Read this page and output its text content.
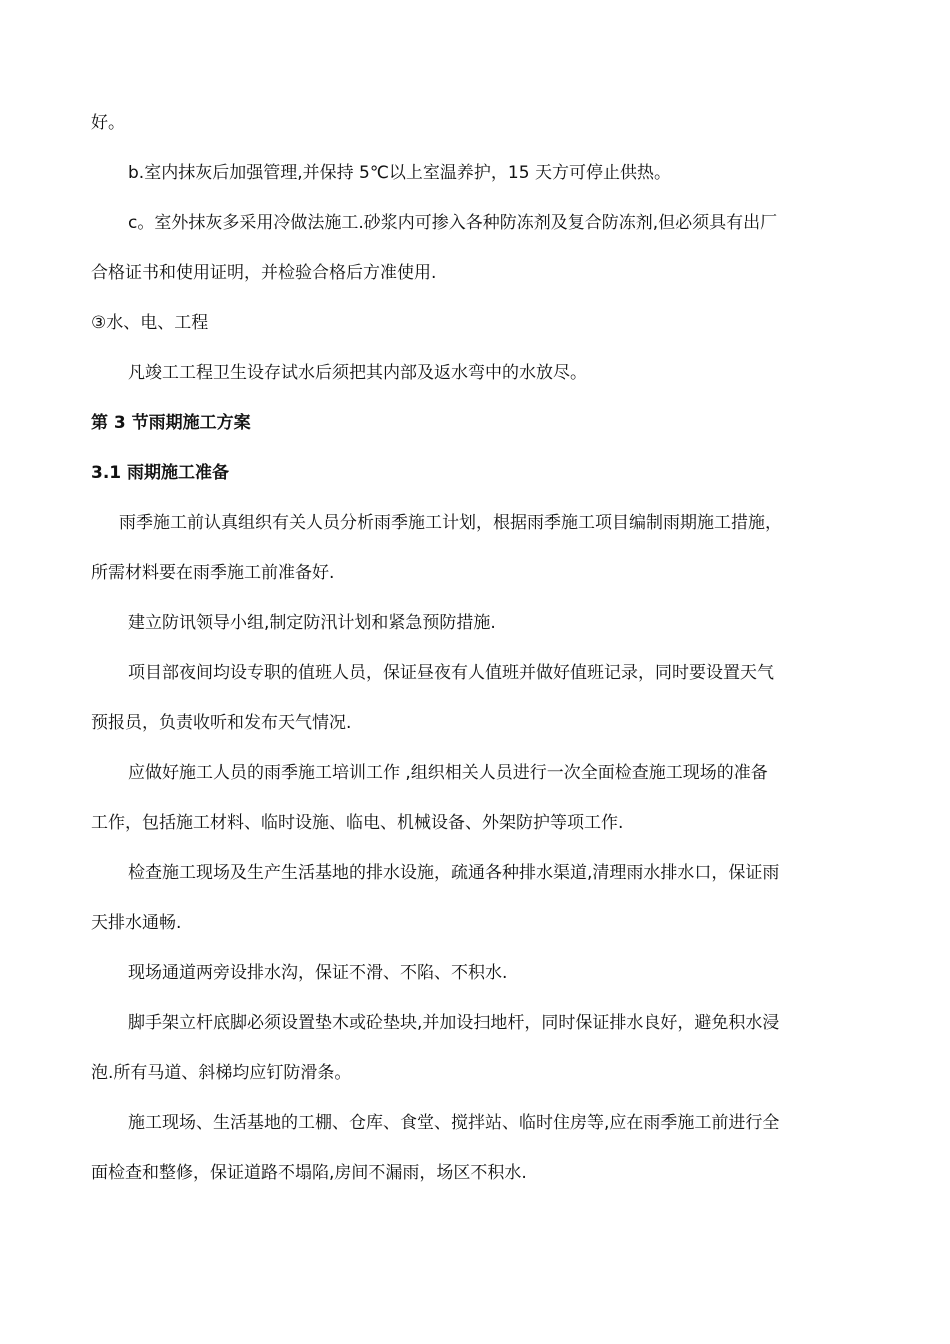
好。
b.室内抹灰后加强管理,并保持 5℃以上室温养护，15 天方可停止供热。
c。室外抹灰多采用冷做法施工.砂浆内可掺入各种防冻剂及复合防冻剂,但必须具有出厂
合格证书和使用证明，并检验合格后方准使用.
③水、电、工程
凡竣工工程卫生设存试水后须把其内部及返水弯中的水放尽。
第 3 节雨期施工方案
3.1 雨期施工准备
雨季施工前认真组织有关人员分析雨季施工计划，根据雨季施工项目编制雨期施工措施，
所需材料要在雨季施工前准备好.
建立防讯领导小组,制定防汛计划和紧急预防措施.
项目部夜间均设专职的值班人员，保证昼夜有人值班并做好值班记录，同时要设置天气
预报员，负责收听和发布天气情况.
应做好施工人员的雨季施工培训工作 ,组织相关人员进行一次全面检查施工现场的准备
工作，包括施工材料、临时设施、临电、机械设备、外架防护等项工作.
检查施工现场及生产生活基地的排水设施，疏通各种排水渠道,清理雨水排水口，保证雨
天排水通畅.
现场通道两旁设排水沟，保证不滑、不陷、不积水.
脚手架立杆底脚必须设置垫木或砼垫块,并加设扫地杆，同时保证排水良好，避免积水浸
泡.所有马道、斜梯均应钉防滑条。
施工现场、生活基地的工棚、仓库、食堂、搅拌站、临时住房等,应在雨季施工前进行全
面检查和整修，保证道路不塌陷,房间不漏雨，场区不积水.
